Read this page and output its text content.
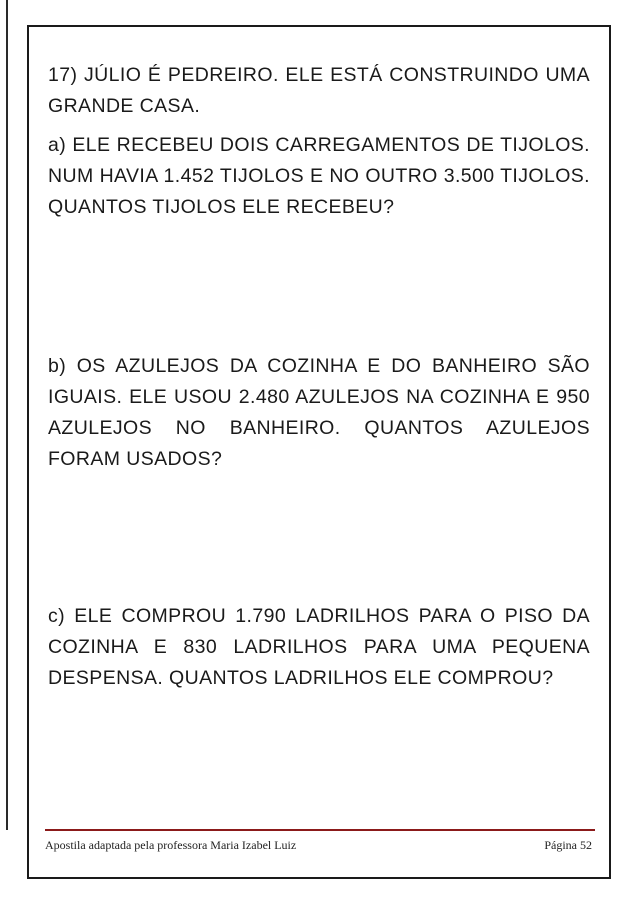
17) JÚLIO É PEDREIRO. ELE ESTÁ CONSTRUINDO UMA GRANDE CASA.

a) ELE RECEBEU DOIS CARREGAMENTOS DE TIJOLOS. NUM HAVIA 1.452 TIJOLOS E NO OUTRO 3.500 TIJOLOS. QUANTOS TIJOLOS ELE RECEBEU?

b) OS AZULEJOS DA COZINHA E DO BANHEIRO SÃO IGUAIS. ELE USOU 2.480 AZULEJOS NA COZINHA E 950 AZULEJOS NO BANHEIRO. QUANTOS AZULEJOS FORAM USADOS?

c) ELE COMPROU 1.790 LADRILHOS PARA O PISO DA COZINHA E 830 LADRILHOS PARA UMA PEQUENA DESPENSA. QUANTOS LADRILHOS ELE COMPROU?

Apostila adaptada pela professora Maria Izabel Luiz	Página 52
